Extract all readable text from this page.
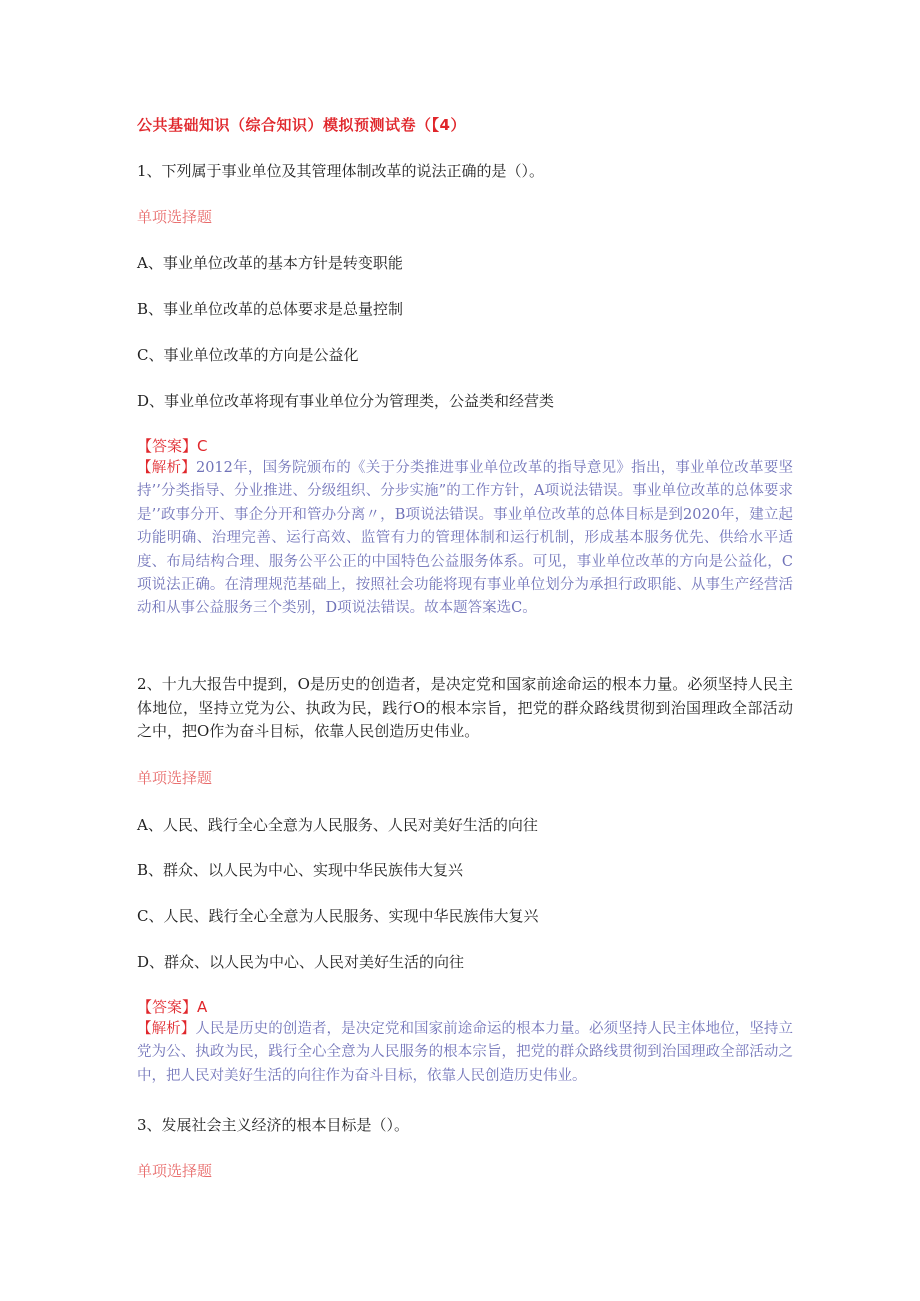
公共基础知识（综合知识）模拟预测试卷（【4）
1、下列属于事业单位及其管理体制改革的说法正确的是（）。
单项选择题
A、事业单位改革的基本方针是转变职能
B、事业单位改革的总体要求是总量控制
C、事业单位改革的方向是公益化
D、事业单位改革将现有事业单位分为管理类，公益类和经营类
【答案】C

【解析】2012年，国务院颁布的《关于分类推进事业单位改革的指导意见》指出，事业单位改革要坚持’’分类指导、分业推进、分级组织、分步实施”的工作方针，A项说法错误。事业单位改革的总体要求是’’政事分开、事企分开和管办分离〃，B项说法错误。事业单位改革的总体目标是到2020年，建立起功能明确、治理完善、运行高效、监管有力的管理体制和运行机制，形成基本服务优先、供给水平适度、布局结构合理、服务公平公正的中国特色公益服务体系。可见，事业单位改革的方向是公益化，C项说法正确。在清理规范基础上，按照社会功能将现有事业单位划分为承担行政职能、从事生产经营活动和从事公益服务三个类别，D项说法错误。故本题答案选C。

2、十九大报告中提到，O是历史的创造者，是决定党和国家前途命运的根本力量。必须坚持人民主体地位，坚持立党为公、执政为民，践行O的根本宗旨，把党的群众路线贯彻到治国理政全部活动之中，把O作为奋斗目标，依靠人民创造历史伟业。

单项选择题
A、人民、践行全心全意为人民服务、人民对美好生活的向往
B、群众、以人民为中心、实现中华民族伟大复兴
C、人民、践行全心全意为人民服务、实现中华民族伟大复兴
D、群众、以人民为中心、人民对美好生活的向往
【答案】A

【解析】人民是历史的创造者，是决定党和国家前途命运的根本力量。必须坚持人民主体地位，坚持立党为公、执政为民，践行全心全意为人民服务的根本宗旨，把党的群众路线贯彻到治国理政全部活动之中，把人民对美好生活的向往作为奋斗目标，依靠人民创造历史伟业。

3、发展社会主义经济的根本目标是（）。
单项选择题
